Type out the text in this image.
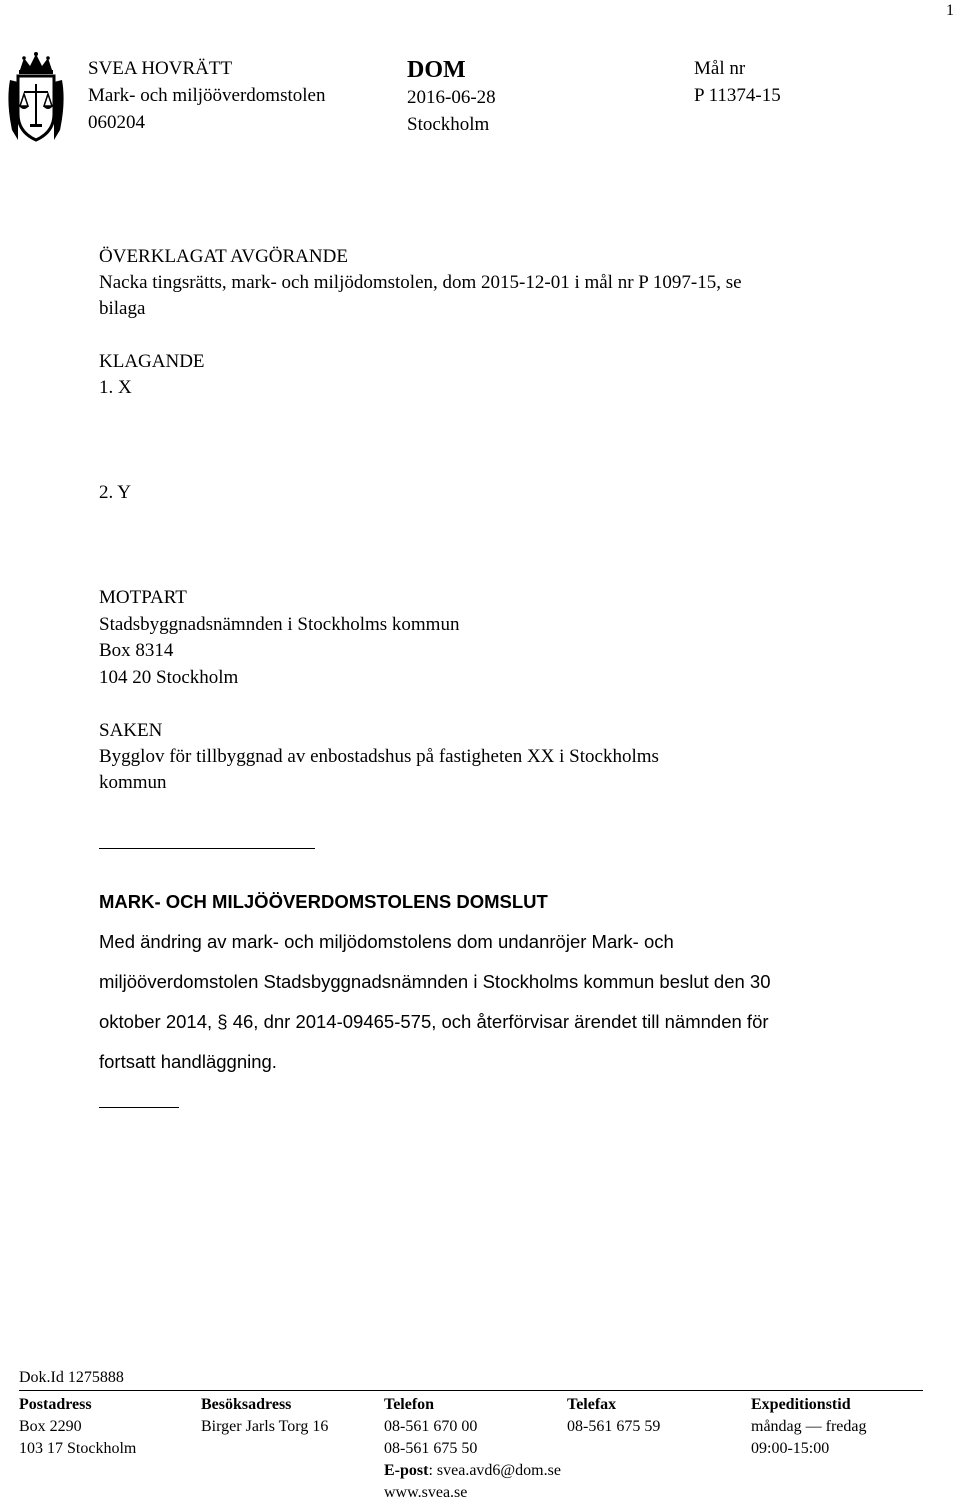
1
SVEA HOVRÄTT
Mark- och miljööverdomstolen
060204
DOM
2016-06-28
Stockholm
Mål nr
P 11374-15
ÖVERKLAGAT AVGÖRANDE
Nacka tingsrätts, mark- och miljödomstolen, dom 2015-12-01 i mål nr P 1097-15, se
bilaga
KLAGANDE
1. X
2. Y
MOTPART
Stadsbyggnadsnämnden i Stockholms kommun
Box 8314
104 20 Stockholm
SAKEN
Bygglov för tillbyggnad av enbostadshus på fastigheten XX i Stockholms
kommun
MARK- OCH MILJÖÖVERDOMSTOLENS DOMSLUT
Med ändring av mark- och miljödomstolens dom undanröjer Mark- och
miljööverdomstolen Stadsbyggnadsnämnden i Stockholms kommun beslut den 30
oktober 2014, § 46, dnr 2014-09465-575, och återförvisar ärendet till nämnden för
fortsatt handläggning.
Dok.Id 1275888
Postadress
Box 2290
103 17 Stockholm
Besöksadress
Birger Jarls Torg 16
Telefon
08-561 670 00
08-561 675 50
E-post: svea.avd6@dom.se
www.svea.se
Telefax
08-561 675 59
Expeditionstid
måndag — fredag
09:00-15:00
